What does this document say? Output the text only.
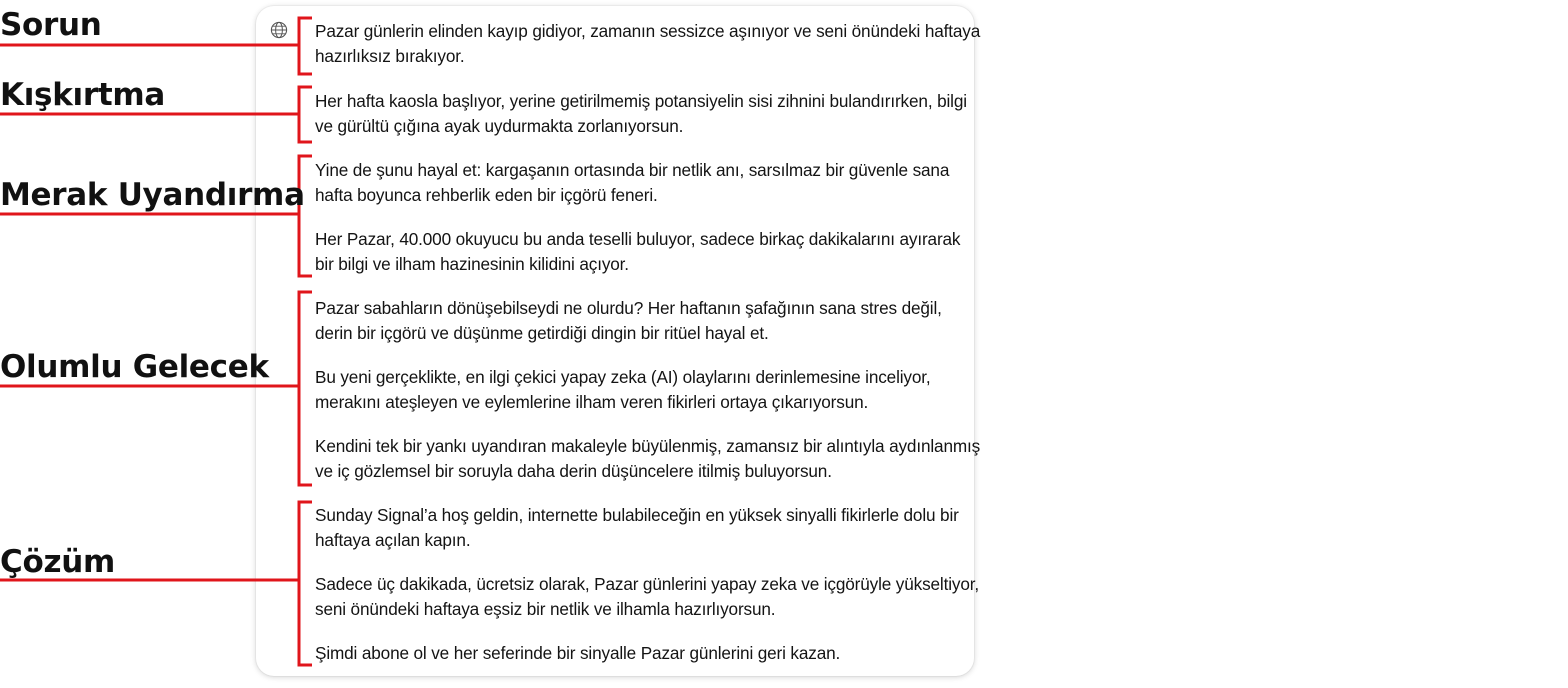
Pazar günlerin elinden kayıp gidiyor, zamanın sessizce aşınıyor ve seni önündeki haftaya
hazırlıksız bırakıyor.

Her hafta kaosla başlıyor, yerine getirilmemiş potansiyelin sisi zihnini bulandırırken, bilgi
ve gürültü çığına ayak uydurmakta zorlanıyorsun.

Yine de şunu hayal et: kargaşanın ortasında bir netlik anı, sarsılmaz bir güvenle sana
hafta boyunca rehberlik eden bir içgörü feneri.

Her Pazar, 40.000 okuyucu bu anda teselli buluyor, sadece birkaç dakikalarını ayırarak
bir bilgi ve ilham hazinesinin kilidini açıyor.

Pazar sabahların dönüşebilseydi ne olurdu? Her haftanın şafağının sana stres değil,
derin bir içgörü ve düşünme getirdiği dingin bir ritüel hayal et.

Bu yeni gerçeklikte, en ilgi çekici yapay zeka (AI) olaylarını derinlemesine inceliyor,
merakını ateşleyen ve eylemlerine ilham veren fikirleri ortaya çıkarıyorsun.

Kendini tek bir yankı uyandıran makaleyle büyülenmiş, zamansız bir alıntıyla aydınlanmış
ve iç gözlemsel bir soruyla daha derin düşüncelere itilmiş buluyorsun.

Sunday Signal’a hoş geldin, internette bulabileceğin en yüksek sinyalli fikirlerle dolu bir
haftaya açılan kapın.

Sadece üç dakikada, ücretsiz olarak, Pazar günlerini yapay zeka ve içgörüyle yükseltiyor,
seni önündeki haftaya eşsiz bir netlik ve ilhamla hazırlıyorsun.

Şimdi abone ol ve her seferinde bir sinyalle Pazar günlerini geri kazan.

Sorun
Kışkırtma
Merak Uyandırma
Olumlu Gelecek
Çözüm
